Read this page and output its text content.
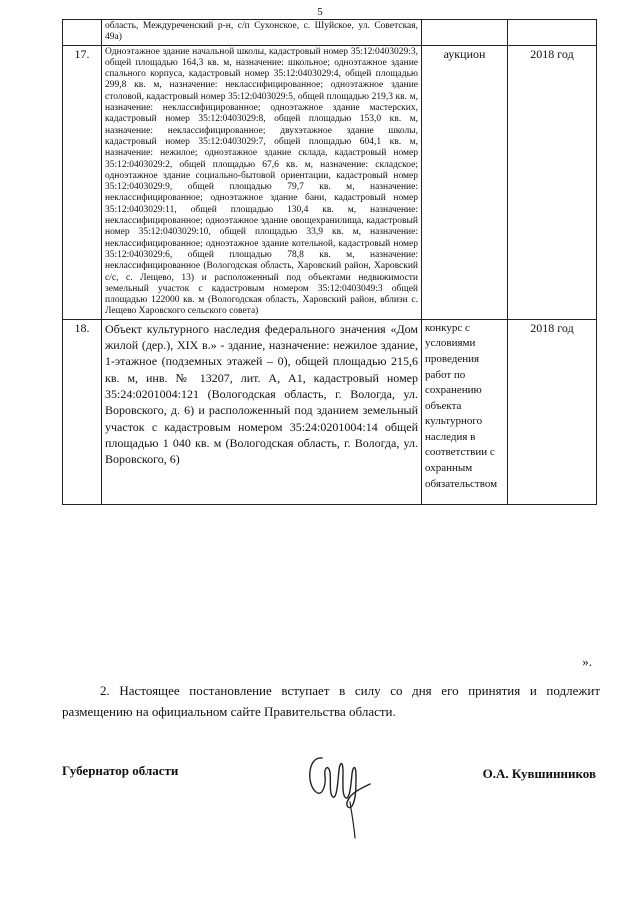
5
	область, Междуреченский р-н, с/п Сухонское, с. Шуйское, ул. Советская, 49а)		
17.	Одноэтажное здание начальной школы, кадастровый номер 35:12:0403029:3, общей площадью 164,3 кв. м, назначение: школьное; одноэтажное здание спального корпуса, кадастровый номер 35:12:0403029:4, общей площадью 299,8 кв. м, назначение: неклассифицированное; одноэтажное здание столовой, кадастровый номер 35:12:0403029:5, общей площадью 219,3 кв. м, назначение: неклассифицированное; одноэтажное здание мастерских, кадастровый номер 35:12:0403029:8, общей площадью 153,0 кв. м, назначение: неклассифицированное; двухэтажное здание школы, кадастровый номер 35:12:0403029:7, общей площадью 604,1 кв. м, назначение: нежилое; одноэтажное здание склада, кадастровый номер 35:12:0403029:2, общей площадью 67,6 кв. м, назначение: складское; одноэтажное здание социально-бытовой ориентации, кадастровый номер 35:12:0403029:9, общей площадью 79,7 кв. м, назначение: неклассифицированное; одноэтажное здание бани, кадастровый номер 35:12:0403029:11, общей площадью 130,4 кв. м, назначение: неклассифицированное; одноэтажное здание овощехранилища, кадастровый номер 35:12:0403029:10, общей площадью 33,9 кв. м, назначение: неклассифицированное; одноэтажное здание котельной, кадастровый номер 35:12:0403029:6, общей площадью 78,8 кв. м, назначение: неклассифицированное (Вологодская область, Харовский район, Харовский с/с, с. Лещево, 13) и расположенный под объектами недвижимости земельный участок с кадастровым номером 35:12:0403049:3 общей площадью 122000 кв. м (Вологодская область, Харовский район, вблизи с. Лещево Харовского сельского совета)	аукцион	2018 год
18.	Объект культурного наследия федерального значения «Дом жилой (дер.), XIX в.» - здание, назначение: нежилое здание, 1-этажное (подземных этажей – 0), общей площадью 215,6 кв. м, инв. № 13207, лит. А, А1, кадастровый номер 35:24:0201004:121 (Вологодская область, г. Вологда, ул. Воровского, д. 6) и расположенный под зданием земельный участок с кадастровым номером 35:24:0201004:14 общей площадью 1 040 кв. м (Вологодская область, г. Вологда, ул. Воровского, 6)	конкурс с условиями проведения работ по сохранению объекта культурного наследия в соответствии с охранным обязательством	2018 год
».
2. Настоящее постановление вступает в силу со дня его принятия и подлежит размещению на официальном сайте Правительства области.
Губернатор области	О.А. Кувшинников
